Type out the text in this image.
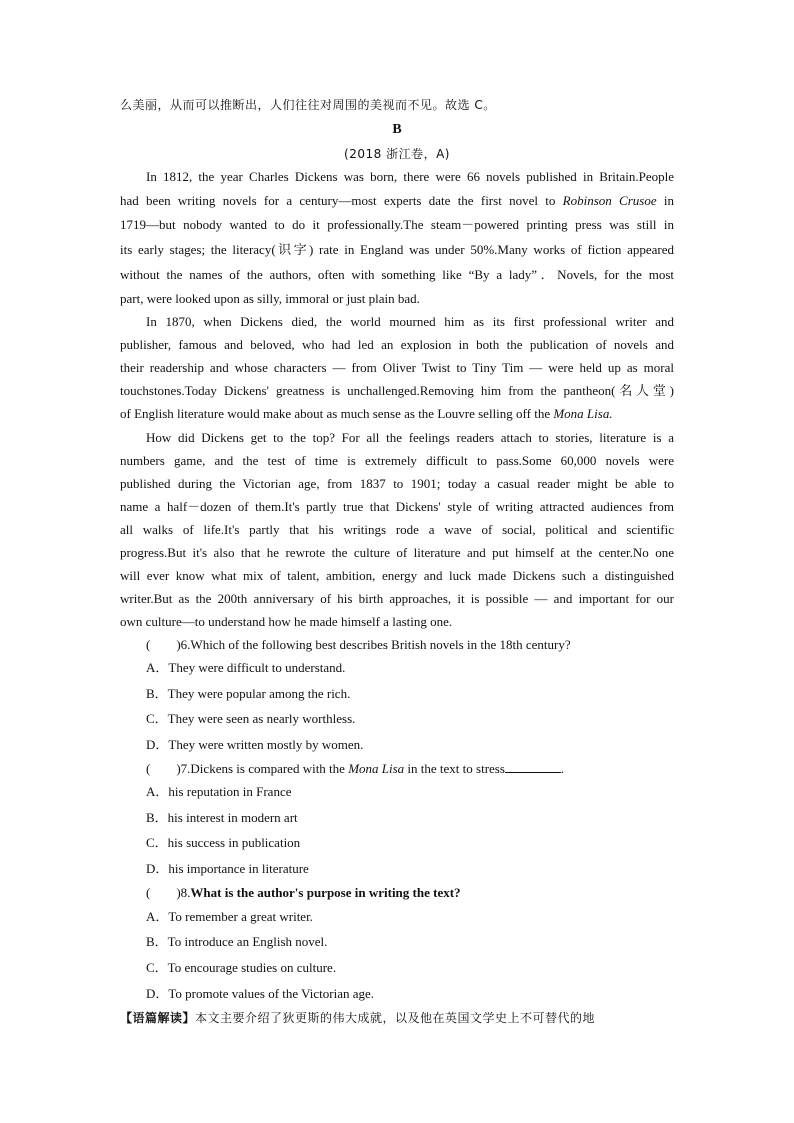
么美丽，从而可以推断出，人们往往对周围的美视而不见。故选 C。
B
(2018 浙江卷，A)
In 1812, the year Charles Dickens was born, there were 66 novels published in Britain.People
had been writing novels for a century—most experts date the first novel to Robinson Crusoe in
1719—but nobody wanted to do it professionally.The steam－powered printing press was still in
its early stages; the literacy(识字) rate in England was under 50%.Many works of fiction appeared
without the names of the authors, often with something like “By a lady”．Novels, for the most
part, were looked upon as silly, immoral or just plain bad.
In 1870, when Dickens died, the world mourned him as its first professional writer and
publisher, famous and beloved, who had led an explosion in both the publication of novels and
their readership and whose characters — from Oliver Twist to Tiny Tim — were held up as moral
touchstones.Today Dickens' greatness is unchallenged.Removing him from the pantheon(名人堂)
of English literature would make about as much sense as the Louvre selling off the Mona Lisa.
How did Dickens get to the top? For all the feelings readers attach to stories, literature is a
numbers game, and the test of time is extremely difficult to pass.Some 60,000 novels were
published during the Victorian age, from 1837 to 1901; today a casual reader might be able to
name a half－dozen of them.It's partly true that Dickens' style of writing attracted audiences from
all walks of life.It's partly that his writings rode a wave of social, political and scientific
progress.But it's also that he rewrote the culture of literature and put himself at the center.No one
will ever know what mix of talent, ambition, energy and luck made Dickens such a distinguished
writer.But as the 200th anniversary of his birth approaches, it is possible — and important for our
own culture—to understand how he made himself a lasting one.
(　　)6.Which of the following best describes British novels in the 18th century?
A．They were difficult to understand.
B．They were popular among the rich.
C．They were seen as nearly worthless.
D．They were written mostly by women.
(　　)7.Dickens is compared with the Mona Lisa in the text to stress	.
A．his reputation in France
B．his interest in modern art
C．his success in publication
D．his importance in literature
(　　)8.What is the author's purpose in writing the text?
A．To remember a great writer.
B．To introduce an English novel.
C．To encourage studies on culture.
D．To promote values of the Victorian age.
【语篇解读】本文主要介绍了狄更斯的伟大成就，以及他在英国文学史上不可替代的地
